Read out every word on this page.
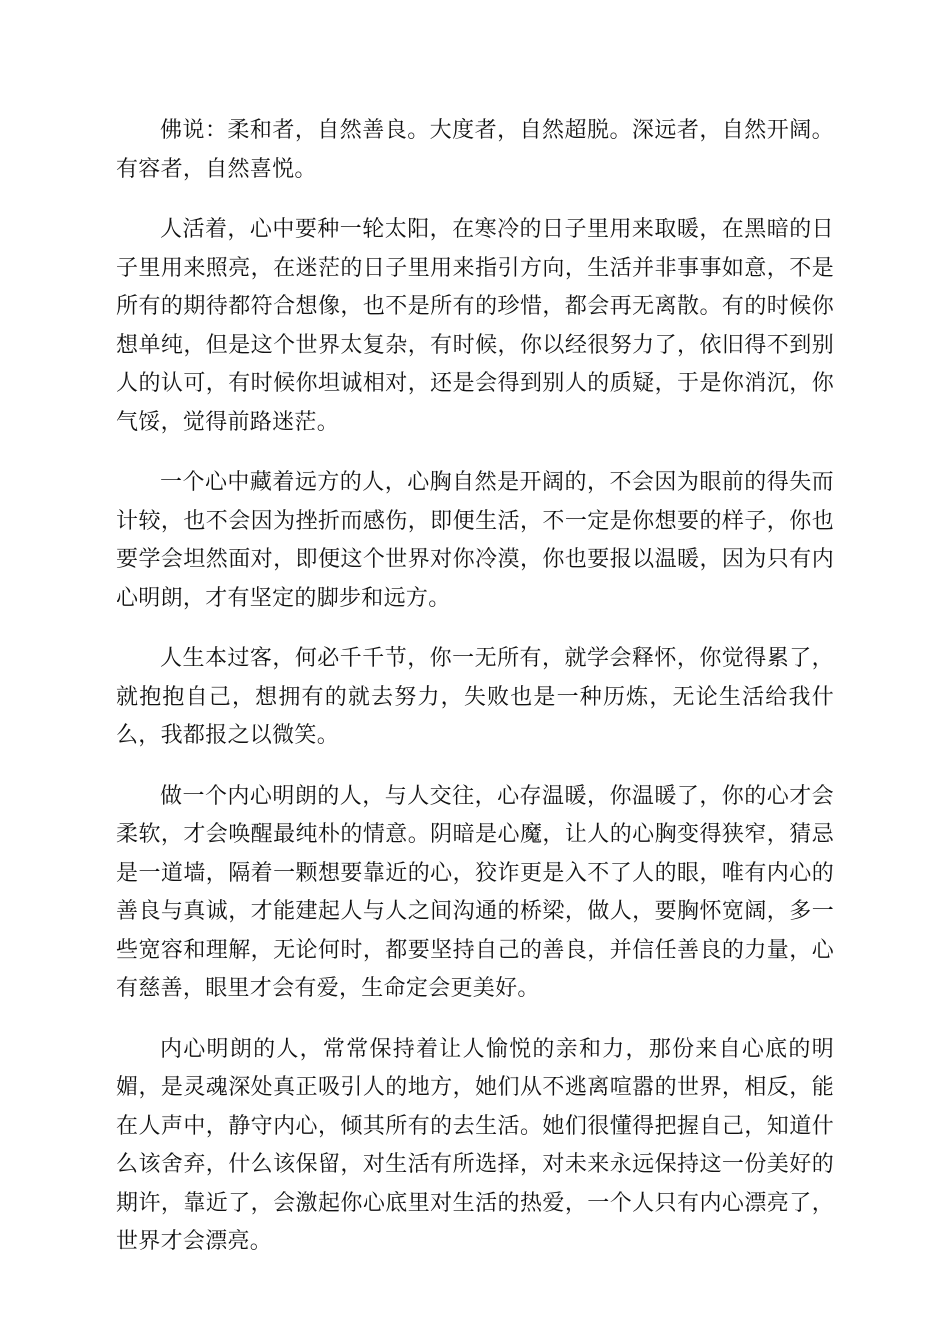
佛说：柔和者，自然善良。大度者，自然超脱。深远者，自然开阔。有容者，自然喜悦。

人活着，心中要种一轮太阳，在寒冷的日子里用来取暖，在黑暗的日子里用来照亮，在迷茫的日子里用来指引方向，生活并非事事如意，不是所有的期待都符合想像，也不是所有的珍惜，都会再无离散。有的时候你想单纯，但是这个世界太复杂，有时候，你以经很努力了，依旧得不到别人的认可，有时候你坦诚相对，还是会得到别人的质疑，于是你消沉，你气馁，觉得前路迷茫。

一个心中藏着远方的人，心胸自然是开阔的，不会因为眼前的得失而计较，也不会因为挫折而感伤，即便生活，不一定是你想要的样子，你也要学会坦然面对，即便这个世界对你冷漠，你也要报以温暖，因为只有内心明朗，才有坚定的脚步和远方。

人生本过客，何必千千节，你一无所有，就学会释怀，你觉得累了，就抱抱自己，想拥有的就去努力，失败也是一种历炼，无论生活给我什么，我都报之以微笑。

做一个内心明朗的人，与人交往，心存温暖，你温暖了，你的心才会柔软，才会唤醒最纯朴的情意。阴暗是心魔，让人的心胸变得狭窄，猜忌是一道墙，隔着一颗想要靠近的心，狡诈更是入不了人的眼，唯有内心的善良与真诚，才能建起人与人之间沟通的桥梁，做人，要胸怀宽阔，多一些宽容和理解，无论何时，都要坚持自己的善良，并信任善良的力量，心有慈善，眼里才会有爱，生命定会更美好。

内心明朗的人，常常保持着让人愉悦的亲和力，那份来自心底的明媚，是灵魂深处真正吸引人的地方，她们从不逃离喧嚣的世界，相反，能在人声中，静守内心，倾其所有的去生活。她们很懂得把握自己，知道什么该舍弃，什么该保留，对生活有所选择，对未来永远保持这一份美好的期许，靠近了，会激起你心底里对生活的热爱，一个人只有内心漂亮了，世界才会漂亮。
